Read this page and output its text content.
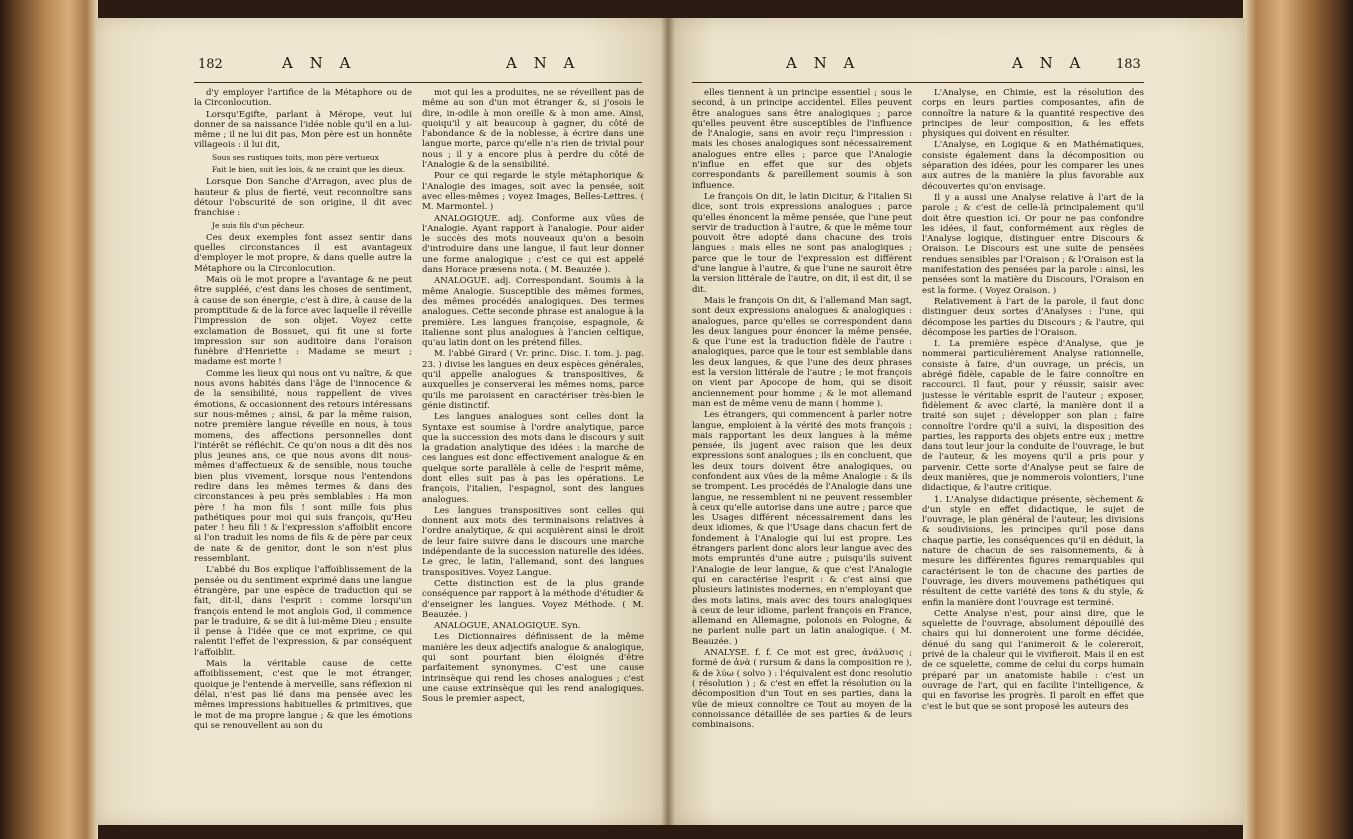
182	A N A	A N A	A N A	A N A 183

d'y employer l'artifice de la Métaphore ou de la Circonlocution.

Lorsqu'Egifte, parlant à Mérope, veut lui donner de sa naissance l'idée noble qu'il en a lui-même ; il ne lui dit pas, Mon père est un honnête villageois : il lui dit,

Sous ses rustiques toits, mon père vertueux

Fait le bien, suit les lois, & ne craint que les dieux.

Lorsque Don Sanche d'Arragon, avec plus de hauteur & plus de fierté, veut reconnoître sans détour l'obscurité de son origine, il dit avec franchise :

Je suis fils d'un pêcheur.

Ces deux exemples font assez sentir dans quelles circonstances il est avantageux d'employer le mot propre, & dans quelle autre la Métaphore ou la Circonlocution.

Mais où le mot propre a l'avantage & ne peut être suppléé, c'est dans les choses de sentiment, à cause de son énergie, c'est à dire, à cause de la promptitude & de la force avec laquelle il réveille l'impression de son objet. Voyez cette exclamation de Bossuet, qui fit une si forte impression sur son auditoire dans l'oraison funèbre d'Henriette : Madame se meurt ; madame est morte !

Comme les lieux qui nous ont vu naître, & que nous avons habités dans l'âge de l'innocence & de la sensibilité, nous rappellent de vives émotions, & occasionnent des retours intéressans sur nous-mêmes ; ainsi, & par la même raison, notre première langue réveille en nous, à tous momens, des affections personnelles dont l'intérêt se réfléchit. Ce qu'on nous a dit dès nos plus jeunes ans, ce que nous avons dit nous-mêmes d'affectueux & de sensible, nous touche bien plus vivement, lorsque nous l'entendons redire dans les mêmes termes & dans des circonstances à peu près semblables : Ha mon père ! ha mon fils ! sont mille fois plus pathétiques pour moi qui suis françois, qu'Heu pater ! heu fili ! & l'expression s'affoiblit encore si l'on traduit les noms de fils & de père par ceux de nate & de genitor, dont le son n'est plus ressemblant.

L'abbé du Bos explique l'affoiblissement de la pensée ou du sentiment exprimé dans une langue étrangère, par une espèce de traduction qui se fait, dit-il, dans l'esprit : comme lorsqu'un françois entend le mot anglois God, il commence par le traduire, & se dit à lui-même Dieu ; ensuite il pense à l'idée que ce mot exprime, ce qui ralentit l'effet de l'expression, & par conséquent l'affoiblit.

Mais la véritable cause de cette affoiblissement, c'est que le mot étranger, quoique je l'entende à merveille, sans réflexion ni délai, n'est pas lié dans ma pensée avec les mêmes impressions habituelles & primitives, que le mot de ma propre langue ; & que les émotions qui se renouvellent au son du

mot qui les a produites, ne se réveillent pas de même au son d'un mot étranger &, si j'osois le dire, in-odile à mon oreille & à mon ame. Ainsi, quoiqu'il y ait beaucoup à gagner, du côté de l'abondance & de la noblesse, à écrire dans une langue morte, parce qu'elle n'a rien de trivial pour nous ; il y a encore plus à perdre du côté de l'Analogie & de la sensibilité.

Pour ce qui regarde le style métaphorique & l'Analogie des images, soit avec la pensée, soit avec elles-mêmes ; voyez Images, Belles-Lettres. ( M. Marmontel. )

ANALOGIQUE. adj. Conforme aux vûes de l'Analogie. Ayant rapport à l'analogie. Pour aider le succès des mots nouveaux qu'on a besoin d'introduire dans une langue, il faut leur donner une forme analogique ; c'est ce qui est appelé dans Horace præsens nota. ( M. Beauzée ).

ANALOGUE. adj. Correspondant. Soumis à la même Analogie. Susceptible des mêmes formes, des mêmes procédés analogiques. Des termes analogues. Cette seconde phrase est analogue à la première. Les langues françoise, espagnole, & italienne sont plus analogues à l'ancien celtique, qu'au latin dont on les prétend filles.

M. l'abbé Girard ( Vr. princ. Disc. I. tom. j. pag. 23. ) divise les langues en deux espèces générales, qu'il appelle analogues & transpositives, & auxquelles je conserverai les mêmes noms, parce qu'ils me paroissent en caractériser très-bien le génie distinctif.

Les langues analogues sont celles dont la Syntaxe est soumise à l'ordre analytique, parce que la succession des mots dans le discours y suit la gradation analytique des idées : la marche de ces langues est donc effectivement analogue & en quelque sorte parallèle à celle de l'esprit même, dont elles suit pas à pas les opérations. Le françois, l'italien, l'espagnol, sont des langues analogues.

Les langues transpositives sont celles qui donnent aux mots des terminaisons relatives à l'ordre analytique, & qui acquièrent ainsi le droit de leur faire suivre dans le discours une marche indépendante de la succession naturelle des idées. Le grec, le latin, l'allemand, sont des langues transpositives. Voyez Langue.

Cette distinction est de la plus grande conséquence par rapport à la méthode d'étudier & d'enseigner les langues. Voyez Méthode. ( M. Beauzée. )

ANALOGUE, ANALOGIQUE. Syn.

Les Dictionnaires définissent de la même manière les deux adjectifs analogue & analogique, qui sont pourtant bien éloignés d'être parfaitement synonymes. C'est une cause intrinsèque qui rend les choses analogues ; c'est une cause extrinsèque qui les rend analogiques. Sous le premier aspect,

elles tiennent à un principe essentiel ; sous le second, à un principe accidentel. Elles peuvent être analogues sans être analogiques ; parce qu'elles peuvent être susceptibles de l'influence de l'Analogie, sans en avoir reçu l'impression : mais les choses analogiques sont nécessairement analogues entre elles ; parce que l'Analogie n'influe en effet que sur des objets correspondants & pareillement soumis à son influence.

Le françois On dit, le latin Dicitur, & l'italien Si dice, sont trois expressions analogues ; parce qu'elles énoncent la même pensée, que l'une peut servir de traduction à l'autre, & que le même tour pouvoit être adopté dans chacune des trois langues : mais elles ne sont pas analogiques ; parce que le tour de l'expression est différent d'une langue à l'autre, & que l'une ne sauroit être la version littérale de l'autre, on dit, il est dit, il se dit.

Mais le françois On dit, & l'allemand Man sagt, sont deux expressions analogues & analogiques : analogues, parce qu'elles se correspondent dans les deux langues pour énoncer la même pensée, & que l'une est la traduction fidèle de l'autre : analogiques, parce que le tour est semblable dans les deux langues, & que l'une des deux phrases est la version littérale de l'autre ; le mot françois on vient par Apocope de hom, qui se disoit anciennement pour homme ; & le mot allemand man est de même venu de mann ( homme ).

Les étrangers, qui commencent à parler notre langue, emploient à la vérité des mots françois ; mais rapportant les deux langues à la même pensée, ils jugent avec raison que les deux expressions sont analogues ; ils en concluent, que les deux tours doivent être analogiques, ou confondent aux vûes de la même Analogie : & ils se trompent. Les procédés de l'Analogie dans une langue, ne ressemblent ni ne peuvent ressembler à ceux qu'elle autorise dans une autre ; parce que les Usages différent nécessairement dans les deux idiomes, & que l'Usage dans chacun fert de fondement à l'Analogie qui lui est propre. Les étrangers parlent donc alors leur langue avec des mots empruntés d'une autre ; puisqu'ils suivent l'Analogie de leur langue, & que c'est l'Analogie qui en caractérise l'esprit : & c'est ainsi que plusieurs latinistes modernes, en n'employant que des mots latins, mais avec des tours analogiques à ceux de leur idiome, parlent françois en France, allemand en Allemagne, polonois en Pologne, & ne parlent nulle part un latin analogique. ( M. Beauzée. )

ANALYSE. f. f. Ce mot est grec, ἀνάλυσις ; formé de ἀνὰ ( rursum & dans la composition re ), & de λύω ( solvo ) : l'équivalent est donc resolutio ( résolution ) ; & c'est en effet la résolution ou la décomposition d'un Tout en ses parties, dans la vûe de mieux connoître ce Tout au moyen de la connoissance détaillée de ses parties & de leurs combinaisons.

L'Analyse, en Chimie, est la résolution des corps en leurs parties composantes, afin de connoître la nature & la quantité respective des principes de leur composition, & les effets physiques qui doivent en résulter.

L'Analyse, en Logique & en Mathématiques, consiste également dans la décomposition ou séparation des idées, pour les comparer les unes aux autres de la manière la plus favorable aux découvertes qu'on envisage.

Il y a aussi une Analyse relative à l'art de la parole ; & c'est de celle-là principalement qu'il doit être question ici. Or pour ne pas confondre les idées, il faut, conformément aux règles de l'Analyse logique, distinguer entre Discours & Oraison. Le Discours est une suite de pensées rendues sensibles par l'Oraison ; & l'Oraison est la manifestation des pensées par la parole : ainsi, les pensées sont la matière du Discours, l'Oraison en est la forme. ( Voyez Oraison. )

Relativement à l'art de la parole, il faut donc distinguer deux sortes d'Analyses : l'une, qui décompose les parties du Discours ; & l'autre, qui décompose les parties de l'Oraison.

I. La première espèce d'Analyse, que je nommerai particulièrement Analyse rationnelle, consiste à faire, d'un ouvrage, un précis, un abrégé fidèle, capable de le faire connoître en raccourci. Il faut, pour y réussir, saisir avec justesse le véritable esprit de l'auteur ; exposer, fidèlement & avec clarté, la manière dont il a traité son sujet ; développer son plan ; faire connoître l'ordre qu'il a suivi, la disposition des parties, les rapports des objets entre eux ; mettre dans tout leur jour la conduite de l'ouvrage, le but de l'auteur, & les moyens qu'il a pris pour y parvenir. Cette sorte d'Analyse peut se faire de deux manières, que je nommerois volontiers, l'une didactique, & l'autre critique.

1. L'Analyse didactique présente, sèchement & d'un style en effet didactique, le sujet de l'ouvrage, le plan général de l'auteur, les divisions & soudivisions, les principes qu'il pose dans chaque partie, les conséquences qu'il en déduit, la nature de chacun de ses raisonnements, & à mesure les différentes figures remarquables qui caractérisent le ton de chacune des parties de l'ouvrage, les divers mouvemens pathétiques qui résultent de cette variété des tons & du style, & enfin la manière dont l'ouvrage est terminé.

Cette Analyse n'est, pour ainsi dire, que le squelette de l'ouvrage, absolument dépouillé des chairs qui lui donneroient une forme décidée, dénué du sang qui l'animeroit & le colereroit, privé de la chaleur qui le vivifieroit. Mais il en est de ce squelette, comme de celui du corps humain préparé par un anatomiste habile : c'est un ouvrage de l'art, qui en facilite l'intelligence, & qui en favorise les progrès. Il paroît en effet que c'est le but que se sont proposé les auteurs des
